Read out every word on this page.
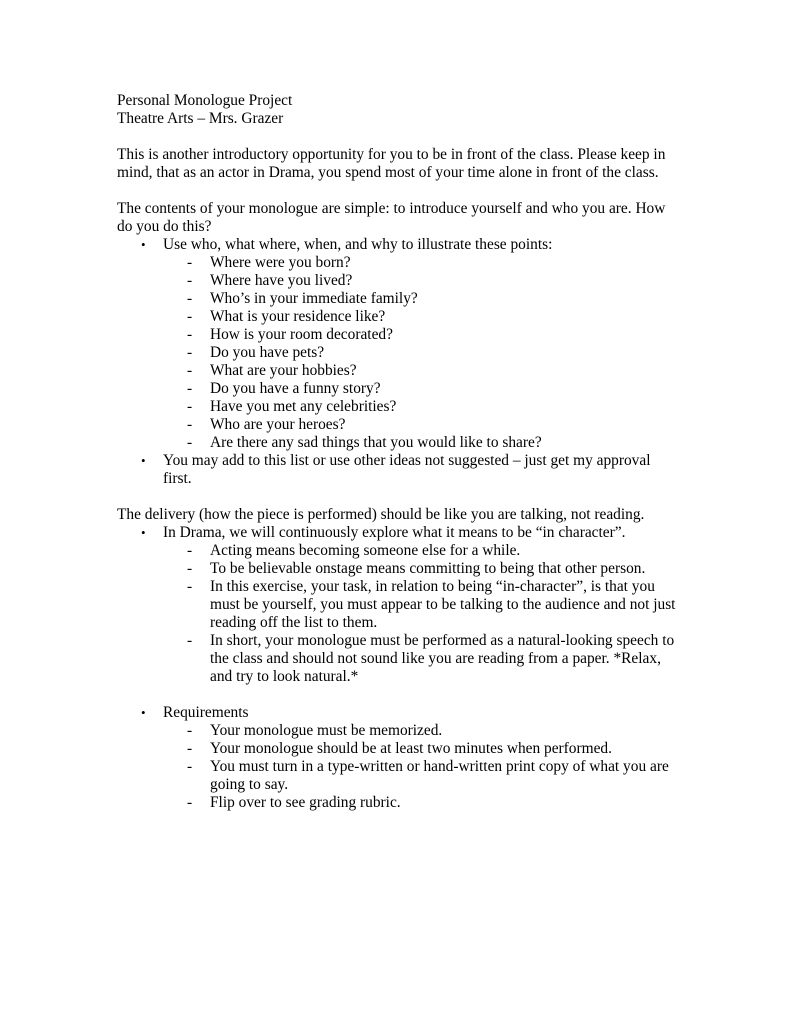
Personal Monologue Project
Theatre Arts – Mrs. Grazer

This is another introductory opportunity for you to be in front of the class. Please keep in mind, that as an actor in Drama, you spend most of your time alone in front of the class.

The contents of your monologue are simple: to introduce yourself and who you are. How do you do this?

• Use who, what where, when, and why to illustrate these points:
- Where were you born?
- Where have you lived?
- Who’s in your immediate family?
- What is your residence like?
- How is your room decorated?
- Do you have pets?
- What are your hobbies?
- Do you have a funny story?
- Have you met any celebrities?
- Who are your heroes?
- Are there any sad things that you would like to share?
• You may add to this list or use other ideas not suggested – just get my approval first.

The delivery (how the piece is performed) should be like you are talking, not reading.

• In Drama, we will continuously explore what it means to be “in character”.
- Acting means becoming someone else for a while.
- To be believable onstage means committing to being that other person.
- In this exercise, your task, in relation to being “in-character”, is that you must be yourself, you must appear to be talking to the audience and not just reading off the list to them.
- In short, your monologue must be performed as a natural-looking speech to the class and should not sound like you are reading from a paper. *Relax, and try to look natural.*
• Requirements
- Your monologue must be memorized.
- Your monologue should be at least two minutes when performed.
- You must turn in a type-written or hand-written print copy of what you are going to say.
- Flip over to see grading rubric.
